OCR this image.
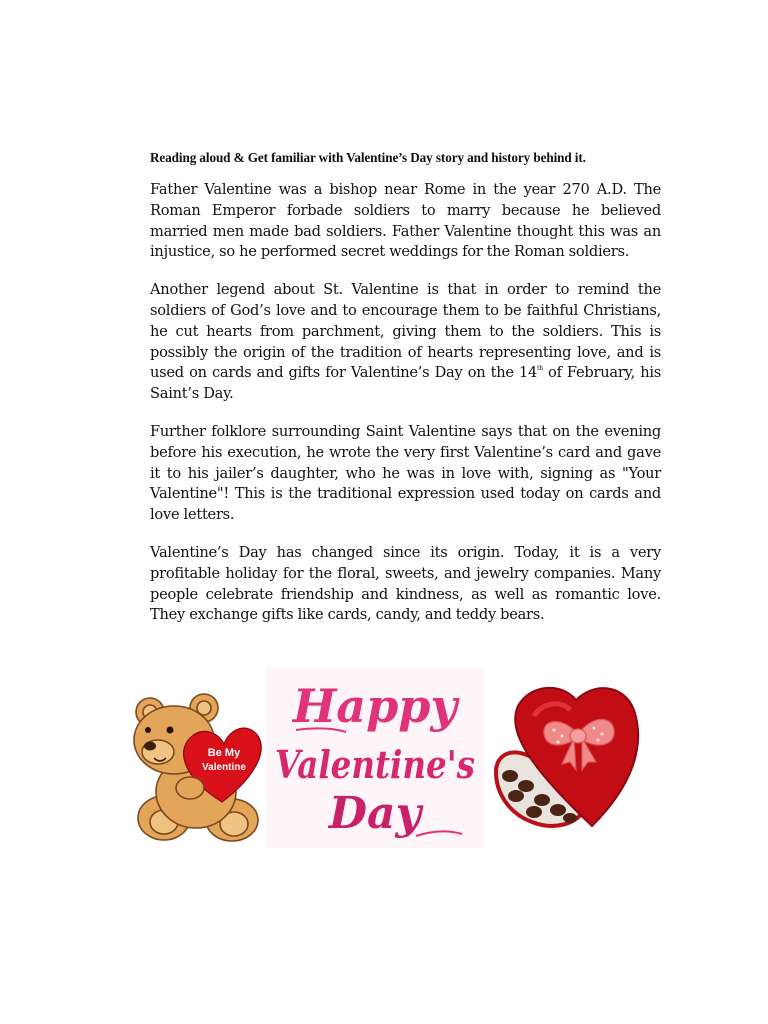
Reading aloud & Get familiar with Valentine’s Day story and history behind it.

Father Valentine was a bishop near Rome in the year 270 A.D. The Roman Emperor forbade soldiers to marry because he believed married men made bad soldiers. Father Valentine thought this was an injustice, so he performed secret weddings for the Roman soldiers.

Another legend about St. Valentine is that in order to remind the soldiers of God’s love and to encourage them to be faithful Christians, he cut hearts from parchment, giving them to the soldiers. This is possibly the origin of the tradition of hearts representing love, and is used on cards and gifts for Valentine’s Day on the 14th of February, his Saint’s Day.

Further folklore surrounding Saint Valentine says that on the evening before his execution, he wrote the very first Valentine’s card and gave it to his jailer’s daughter, who he was in love with, signing as "Your Valentine"! This is the traditional expression used today on cards and love letters.

Valentine’s Day has changed since its origin. Today, it is a very profitable holiday for the floral, sweets, and jewelry companies. Many people celebrate friendship and kindness, as well as romantic love. They exchange gifts like cards, candy, and teddy bears.

Be My
Valentine
Happy
Valentine's
Day
